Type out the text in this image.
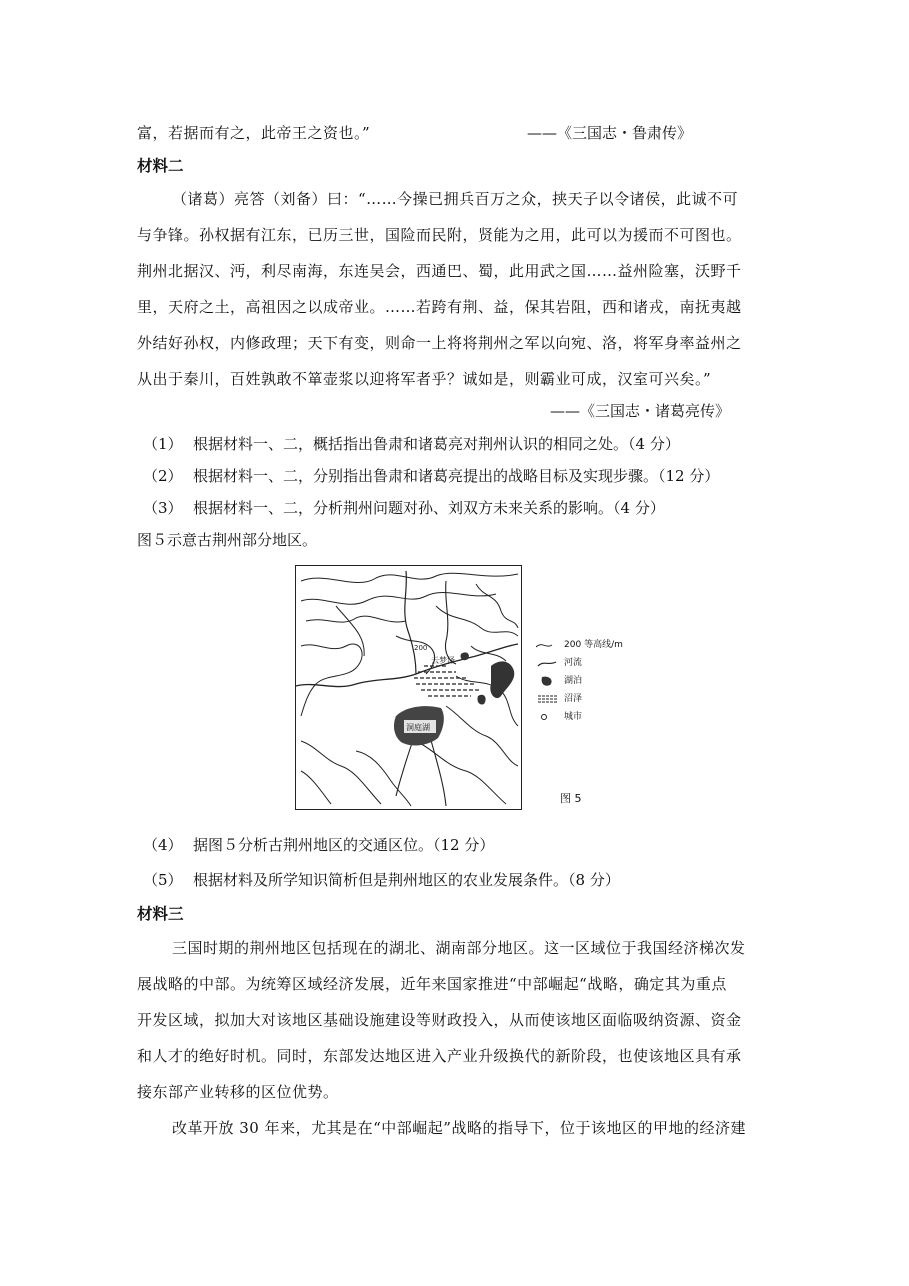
富，若据而有之，此帝王之资也。”	——《三国志・鲁肃传》
材料二
（诸葛）亮答（刘备）曰：“……今操已拥兵百万之众，挟天子以令诸侯，此诚不可
与争锋。孙权据有江东，已历三世，国险而民附，贤能为之用，此可以为援而不可图也。
荆州北据汉、沔，利尽南海，东连吴会，西通巴、蜀，此用武之国……益州险塞，沃野千
里，天府之土，高祖因之以成帝业。……若跨有荆、益，保其岩阻，西和诸戎，南抚夷越
外结好孙权，内修政理；天下有变，则命一上将将荆州之军以向宛、洛，将军身率益州之
从出于秦川，百姓孰敢不箪壶浆以迎将军者乎？诚如是，则霸业可成，汉室可兴矣。”
——《三国志・诸葛亮传》
（1） 根据材料一、二，概括指出鲁肃和诸葛亮对荆州认识的相同之处。（4 分）
（2） 根据材料一、二，分别指出鲁肃和诸葛亮提出的战略目标及实现步骤。（12 分）
（3） 根据材料一、二，分析荆州问题对孙、刘双方未来关系的影响。（4 分）
图５示意古荆州部分地区。
云梦泽
洞庭湖
200	200 等高线/m
河流
湖泊
沼泽
城市
图 5
（4） 据图５分析古荆州地区的交通区位。（12 分）
（5） 根据材料及所学知识简析但是荆州地区的农业发展条件。（8 分）
材料三
三国时期的荆州地区包括现在的湖北、湖南部分地区。这一区域位于我国经济梯次发
展战略的中部。为统筹区域经济发展，近年来国家推进“中部崛起“战略，确定其为重点
开发区域，拟加大对该地区基础设施建设等财政投入，从而使该地区面临吸纳资源、资金
和人才的绝好时机。同时，东部发达地区进入产业升级换代的新阶段，也使该地区具有承
接东部产业转移的区位优势。
改革开放 30 年来，尤其是在“中部崛起”战略的指导下，位于该地区的甲地的经济建
